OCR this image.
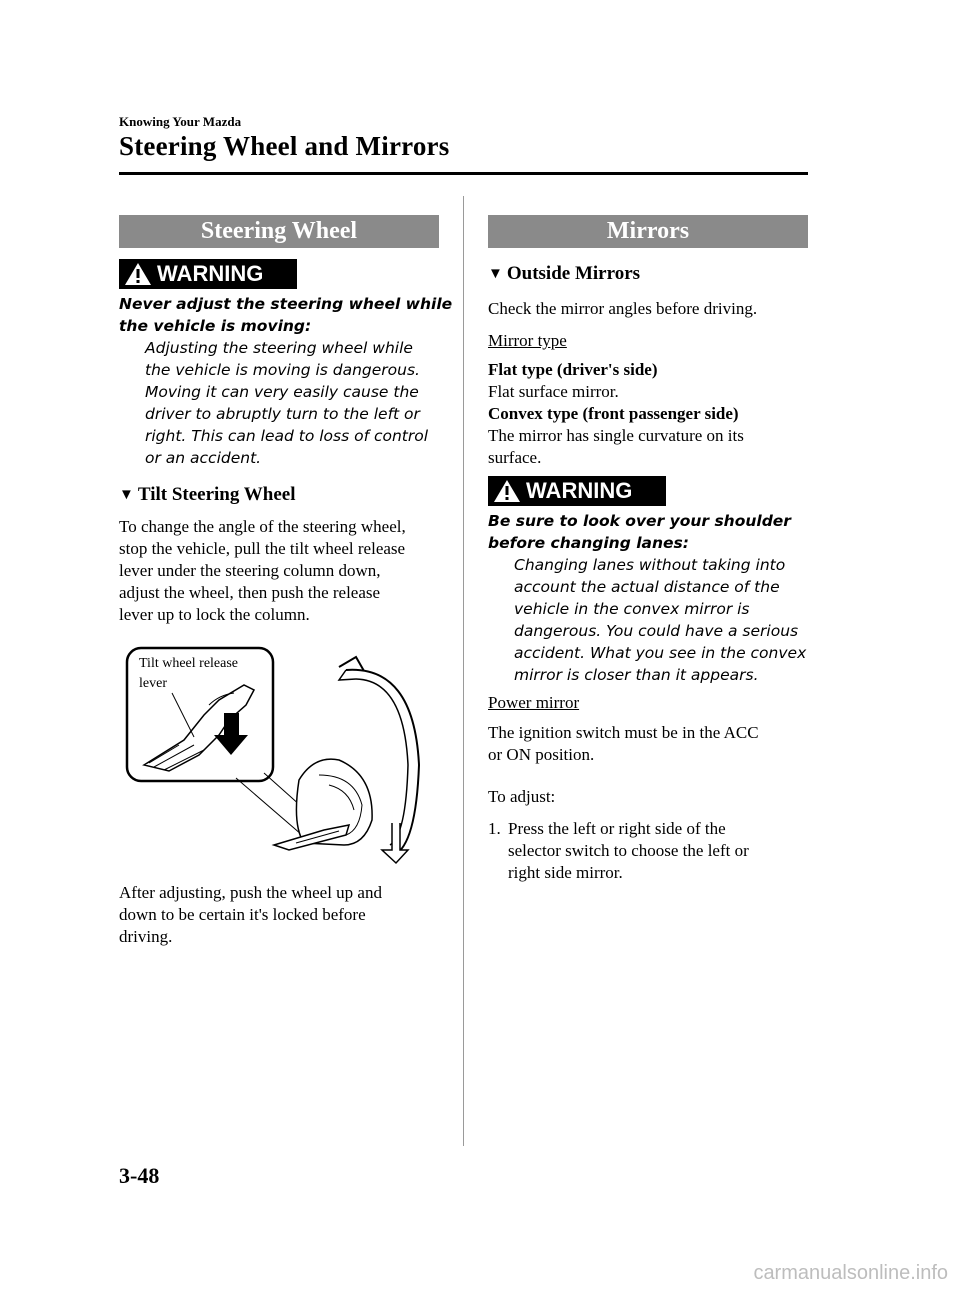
Knowing Your Mazda
Steering Wheel and Mirrors
Steering Wheel
WARNING
Never adjust the steering wheel while
the vehicle is moving:
Adjusting the steering wheel while
the vehicle is moving is dangerous.
Moving it can very easily cause the
driver to abruptly turn to the left or
right. This can lead to loss of control
or an accident.
▼ Tilt Steering Wheel
To change the angle of the steering wheel,
stop the vehicle, pull the tilt wheel release
lever under the steering column down,
adjust the wheel, then push the release
lever up to lock the column.
Tilt wheel release
lever
After adjusting, push the wheel up and
down to be certain it's locked before
driving.
Mirrors
▼ Outside Mirrors
Check the mirror angles before driving.
Mirror type
Flat type (driver's side)
Flat surface mirror.
Convex type (front passenger side)
The mirror has single curvature on its
surface.
WARNING
Be sure to look over your shoulder
before changing lanes:
Changing lanes without taking into
account the actual distance of the
vehicle in the convex mirror is
dangerous. You could have a serious
accident. What you see in the convex
mirror is closer than it appears.
Power mirror
The ignition switch must be in the ACC
or ON position.
To adjust:
1. Press the left or right side of the
selector switch to choose the left or
right side mirror.
3-48
carmanualsonline.info
